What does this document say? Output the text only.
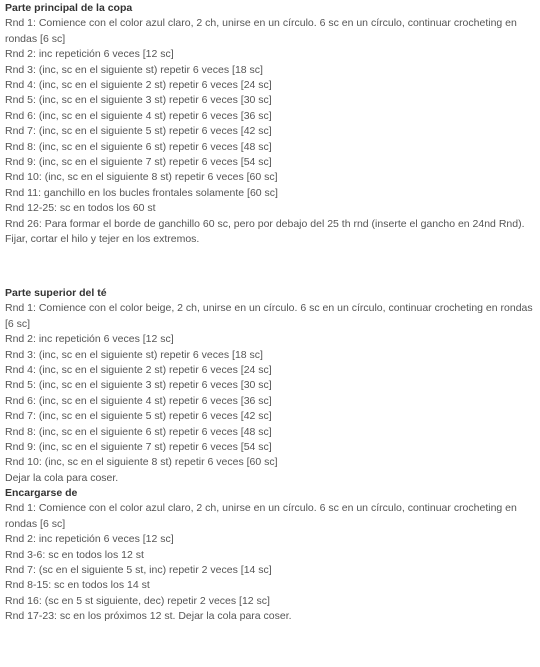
Parte principal de la copa

Rnd 1: Comience con el color azul claro, 2 ch, unirse en un círculo. 6 sc en un círculo, continuar crocheting en rondas [6 sc]

Rnd 2: inc repetición 6 veces [12 sc]

Rnd 3: (inc, sc en el siguiente st) repetir 6 veces [18 sc]

Rnd 4: (inc, sc en el siguiente 2 st) repetir 6 veces [24 sc]

Rnd 5: (inc, sc en el siguiente 3 st) repetir 6 veces [30 sc]

Rnd 6: (inc, sc en el siguiente 4 st) repetir 6 veces [36 sc]

Rnd 7: (inc, sc en el siguiente 5 st) repetir 6 veces [42 sc]

Rnd 8: (inc, sc en el siguiente 6 st) repetir 6 veces [48 sc]

Rnd 9: (inc, sc en el siguiente 7 st) repetir 6 veces [54 sc]

Rnd 10: (inc, sc en el siguiente 8 st) repetir 6 veces [60 sc]

Rnd 11: ganchillo en los bucles frontales solamente [60 sc]

Rnd 12-25: sc en todos los 60 st

Rnd 26: Para formar el borde de ganchillo 60 sc, pero por debajo del 25 th rnd (inserte el gancho en 24nd Rnd).

Fijar, cortar el hilo y tejer en los extremos.

Parte superior del té

Rnd 1: Comience con el color beige, 2 ch, unirse en un círculo. 6 sc en un círculo, continuar crocheting en rondas [6 sc]

Rnd 2: inc repetición 6 veces [12 sc]

Rnd 3: (inc, sc en el siguiente st) repetir 6 veces [18 sc]

Rnd 4: (inc, sc en el siguiente 2 st) repetir 6 veces [24 sc]

Rnd 5: (inc, sc en el siguiente 3 st) repetir 6 veces [30 sc]

Rnd 6: (inc, sc en el siguiente 4 st) repetir 6 veces [36 sc]

Rnd 7: (inc, sc en el siguiente 5 st) repetir 6 veces [42 sc]

Rnd 8: (inc, sc en el siguiente 6 st) repetir 6 veces [48 sc]

Rnd 9: (inc, sc en el siguiente 7 st) repetir 6 veces [54 sc]

Rnd 10: (inc, sc en el siguiente 8 st) repetir 6 veces [60 sc]

Dejar la cola para coser.

Encargarse de

Rnd 1: Comience con el color azul claro, 2 ch, unirse en un círculo. 6 sc en un círculo, continuar crocheting en rondas [6 sc]

Rnd 2: inc repetición 6 veces [12 sc]

Rnd 3-6: sc en todos los 12 st

Rnd 7: (sc en el siguiente 5 st, inc) repetir 2 veces [14 sc]

Rnd 8-15: sc en todos los 14 st

Rnd 16: (sc en 5 st siguiente, dec) repetir 2 veces [12 sc]

Rnd 17-23: sc en los próximos 12 st. Dejar la cola para coser.
